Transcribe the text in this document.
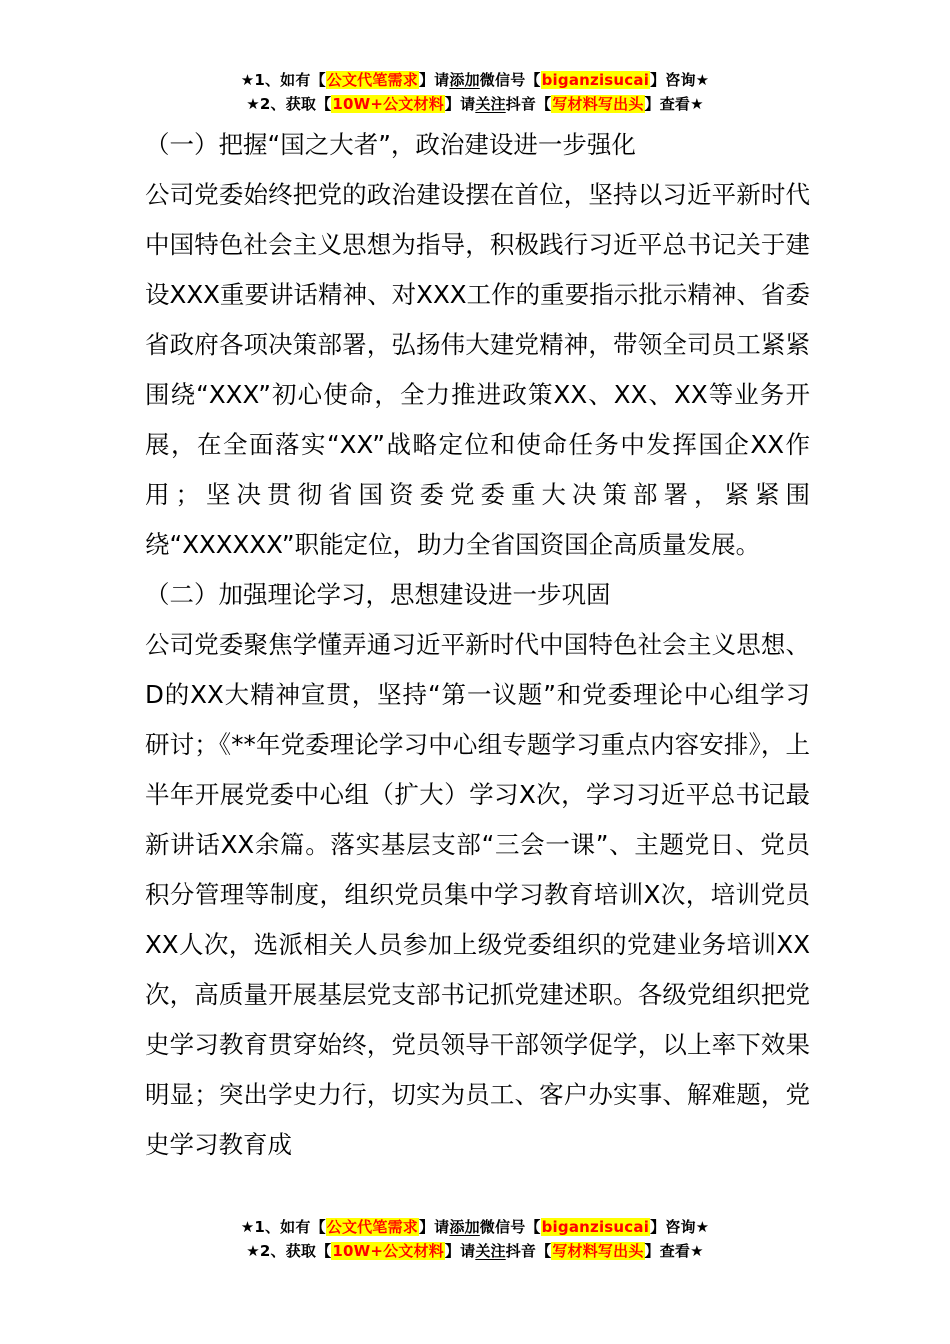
★1、如有【公文代笔需求】请添加微信号【biganzisucai】咨询★
★2、获取【10W+公文材料】请关注抖音【写材料写出头】查看★

（一）把握“国之大者”，政治建设进一步强化

公司党委始终把党的政治建设摆在首位，坚持以习近平新时代中国特色社会主义思想为指导，积极践行习近平总书记关于建设XXX重要讲话精神、对XXX工作的重要指示批示精神、省委省政府各项决策部署，弘扬伟大建党精神，带领全司员工紧紧围绕“XXX”初心使命，全力推进政策XX、XX、XX等业务开展，在全面落实“XX”战略定位和使命任务中发挥国企XX作用；坚决贯彻省国资委党委重大决策部署，紧紧围绕“XXXXXX”职能定位，助力全省国资国企高质量发展。

（二）加强理论学习，思想建设进一步巩固

公司党委聚焦学懂弄通习近平新时代中国特色社会主义思想、D的XX大精神宣贯，坚持“第一议题”和党委理论中心组学习研讨；《**年党委理论学习中心组专题学习重点内容安排》，上半年开展党委中心组（扩大）学习X次，学习习近平总书记最新讲话XX余篇。落实基层支部“三会一课”、主题党日、党员积分管理等制度，组织党员集中学习教育培训X次，培训党员XX人次，选派相关人员参加上级党委组织的党建业务培训XX次，高质量开展基层党支部书记抓党建述职。各级党组织把党史学习教育贯穿始终，党员领导干部领学促学，以上率下效果明显；突出学史力行，切实为员工、客户办实事、解难题，党史学习教育成

★1、如有【公文代笔需求】请添加微信号【biganzisucai】咨询★
★2、获取【10W+公文材料】请关注抖音【写材料写出头】查看★
